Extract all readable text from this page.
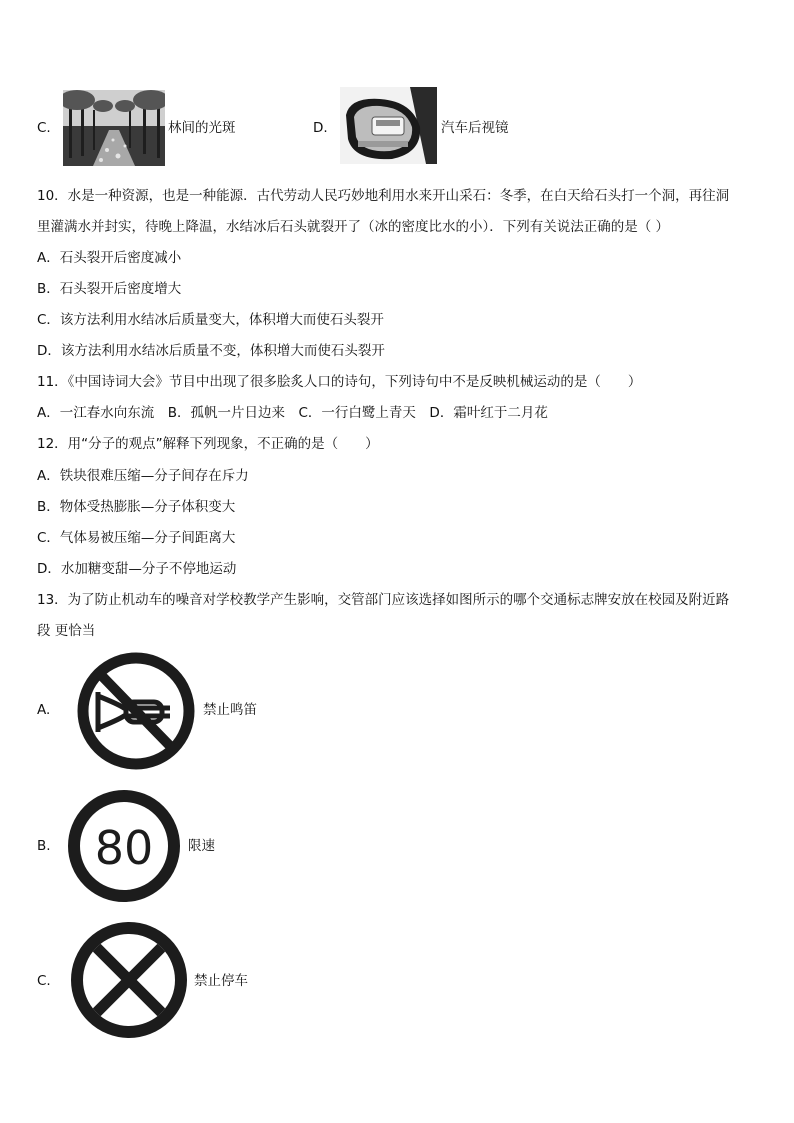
C.	林间的光斑	D.	汽车后视镜
10．水是一种资源，也是一种能源．古代劳动人民巧妙地利用水来开山采石：冬季，在白天给石头打一个洞，再往洞
里灌满水并封实，待晚上降温，水结冰后石头就裂开了（冰的密度比水的小）．下列有关说法正确的是（ ）
A．石头裂开后密度减小
B．石头裂开后密度增大
C．该方法利用水结冰后质量变大，体积增大而使石头裂开
D．该方法利用水结冰后质量不变，体积增大而使石头裂开
11．《中国诗词大会》节目中出现了很多脍炙人口的诗句，下列诗句中不是反映机械运动的是（　　）
A．一江春水向东流　B．孤帆一片日边来　C．一行白鹭上青天　D．霜叶红于二月花
12．用“分子的观点”解释下列现象，不正确的是（　　）
A．铁块很难压缩—分子间存在斥力
B．物体受热膨胀—分子体积变大
C．气体易被压缩—分子间距离大
D．水加糖变甜—分子不停地运动
13．为了防止机动车的噪音对学校教学产生影响，交管部门应该选择如图所示的哪个交通标志牌安放在校园及附近路
段 更恰当
A.	禁止鸣笛
B. 80	限速
C.	禁止停车
